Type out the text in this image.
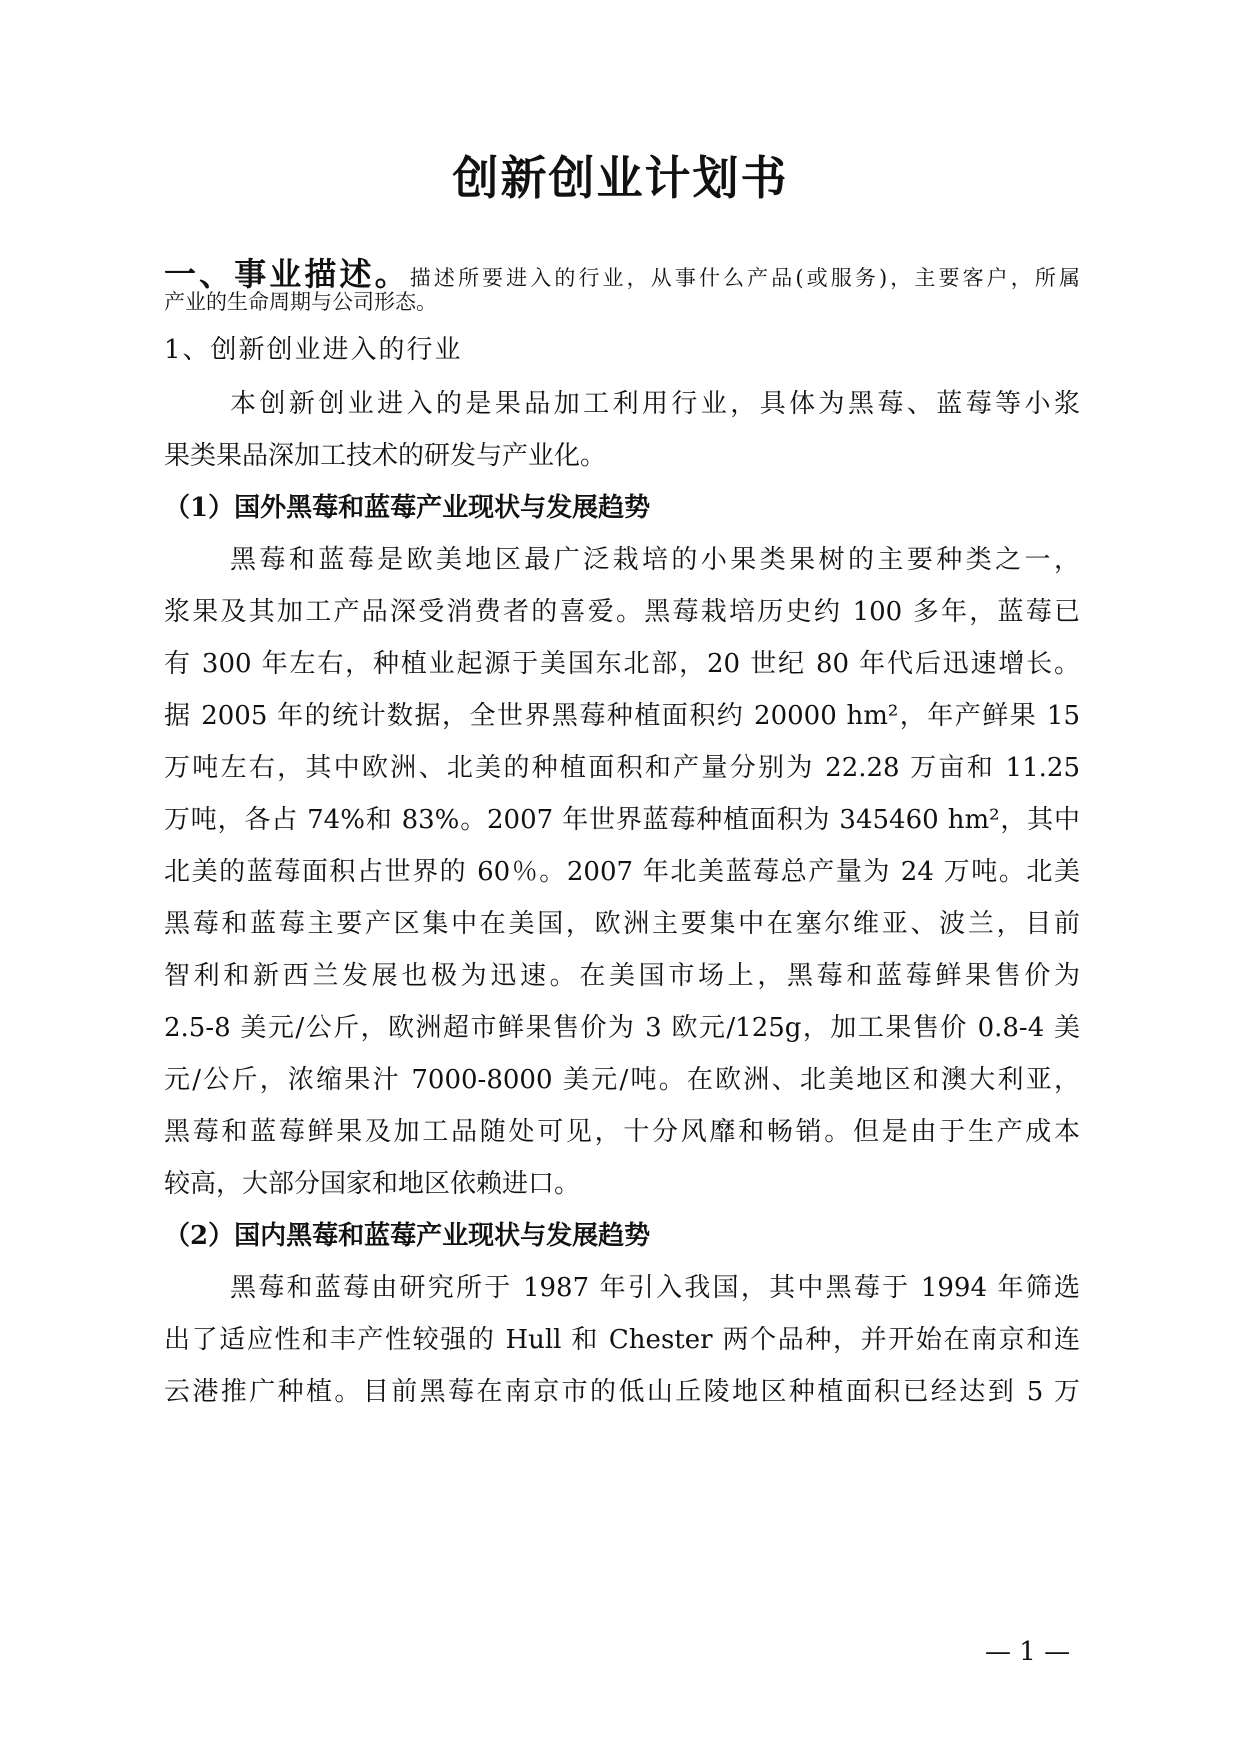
创新创业计划书
一、事业描述。描述所要进入的行业，从事什么产品(或服务)，主要客户，所属
产业的生命周期与公司形态。
1、创新创业进入的行业
本创新创业进入的是果品加工利用行业，具体为黑莓、蓝莓等小浆
果类果品深加工技术的研发与产业化。
（1）国外黑莓和蓝莓产业现状与发展趋势
黑莓和蓝莓是欧美地区最广泛栽培的小果类果树的主要种类之一，
浆果及其加工产品深受消费者的喜爱。黑莓栽培历史约 100 多年，蓝莓已
有 300 年左右，种植业起源于美国东北部，20 世纪 80 年代后迅速增长。
据 2005 年的统计数据，全世界黑莓种植面积约 20000 hm²，年产鲜果 15
万吨左右，其中欧洲、北美的种植面积和产量分别为 22.28 万亩和 11.25
万吨，各占 74%和 83%。2007 年世界蓝莓种植面积为 345460 hm²，其中
北美的蓝莓面积占世界的 60％。2007 年北美蓝莓总产量为 24 万吨。北美
黑莓和蓝莓主要产区集中在美国，欧洲主要集中在塞尔维亚、波兰，目前
智利和新西兰发展也极为迅速。在美国市场上，黑莓和蓝莓鲜果售价为
2.5-8 美元/公斤，欧洲超市鲜果售价为 3 欧元/125g，加工果售价 0.8-4 美
元/公斤，浓缩果汁 7000-8000 美元/吨。在欧洲、北美地区和澳大利亚，
黑莓和蓝莓鲜果及加工品随处可见，十分风靡和畅销。但是由于生产成本
较高，大部分国家和地区依赖进口。
（2）国内黑莓和蓝莓产业现状与发展趋势
黑莓和蓝莓由研究所于 1987 年引入我国，其中黑莓于 1994 年筛选
出了适应性和丰产性较强的 Hull 和 Chester 两个品种，并开始在南京和连
云港推广种植。目前黑莓在南京市的低山丘陵地区种植面积已经达到 5 万
— 1 —
